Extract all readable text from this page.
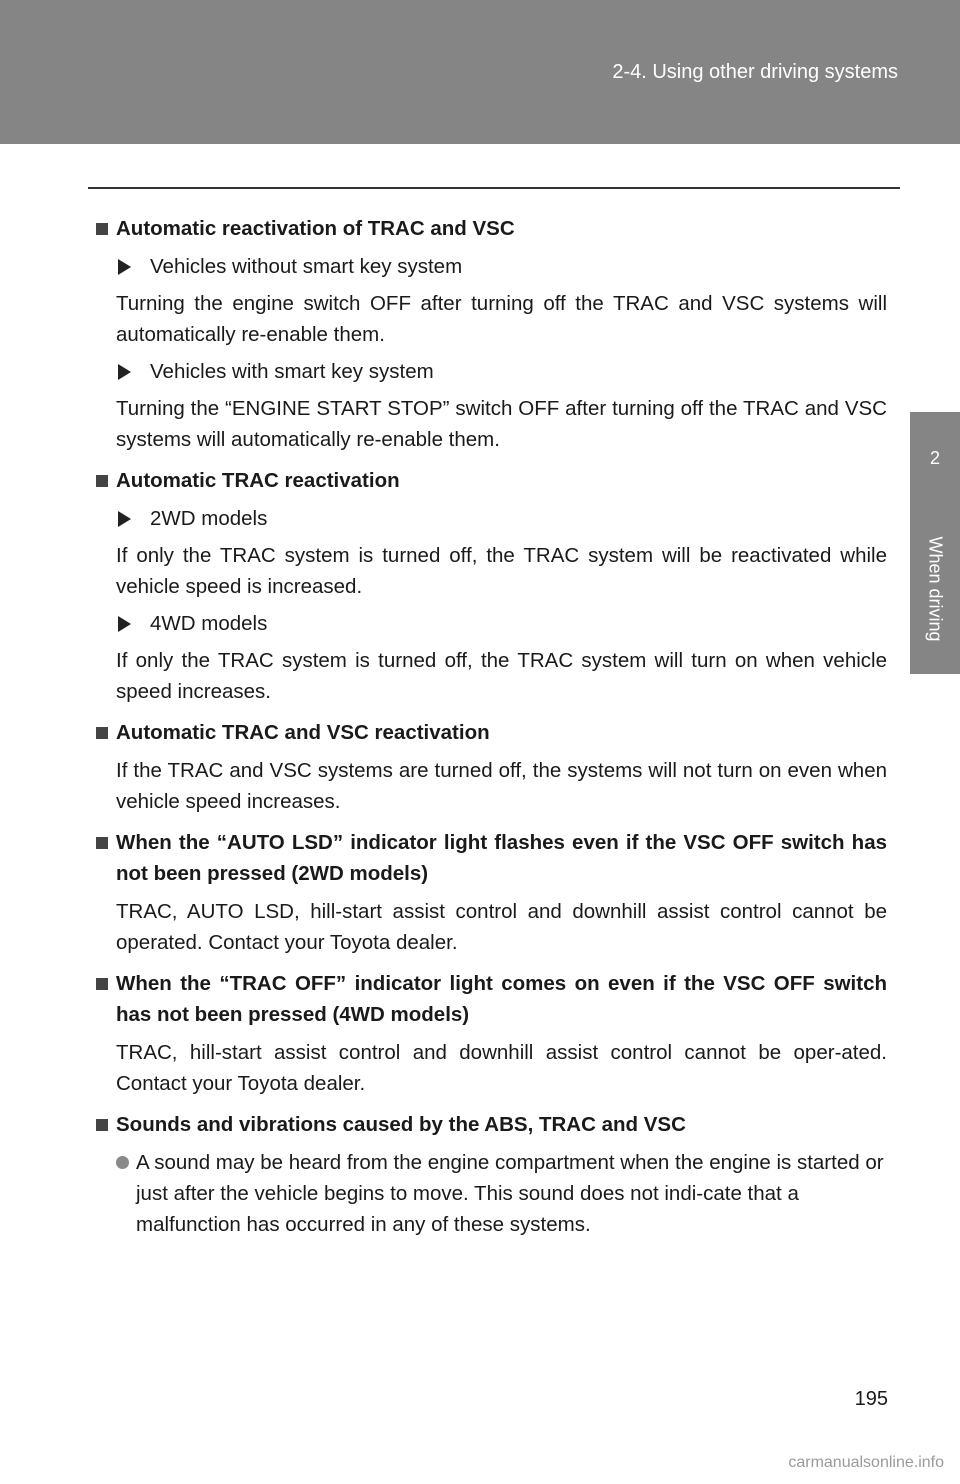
2-4. Using other driving systems
2
When driving
Automatic reactivation of TRAC and VSC
Vehicles without smart key system
Turning the engine switch OFF after turning off the TRAC and VSC systems will automatically re-enable them.
Vehicles with smart key system
Turning the “ENGINE START STOP” switch OFF after turning off the TRAC and VSC systems will automatically re-enable them.
Automatic TRAC reactivation
2WD models
If only the TRAC system is turned off, the TRAC system will be reactivated while vehicle speed is increased.
4WD models
If only the TRAC system is turned off, the TRAC system will turn on when vehicle speed increases.
Automatic TRAC and VSC reactivation
If the TRAC and VSC systems are turned off, the systems will not turn on even when vehicle speed increases.
When the “AUTO LSD” indicator light flashes even if the VSC OFF switch has not been pressed (2WD models)
TRAC, AUTO LSD, hill-start assist control and downhill assist control cannot be operated. Contact your Toyota dealer.
When the “TRAC OFF” indicator light comes on even if the VSC OFF switch has not been pressed (4WD models)
TRAC, hill-start assist control and downhill assist control cannot be oper-ated. Contact your Toyota dealer.
Sounds and vibrations caused by the ABS, TRAC and VSC
A sound may be heard from the engine compartment when the engine is started or just after the vehicle begins to move. This sound does not indi-cate that a malfunction has occurred in any of these systems.
195
carmanualsonline.info
